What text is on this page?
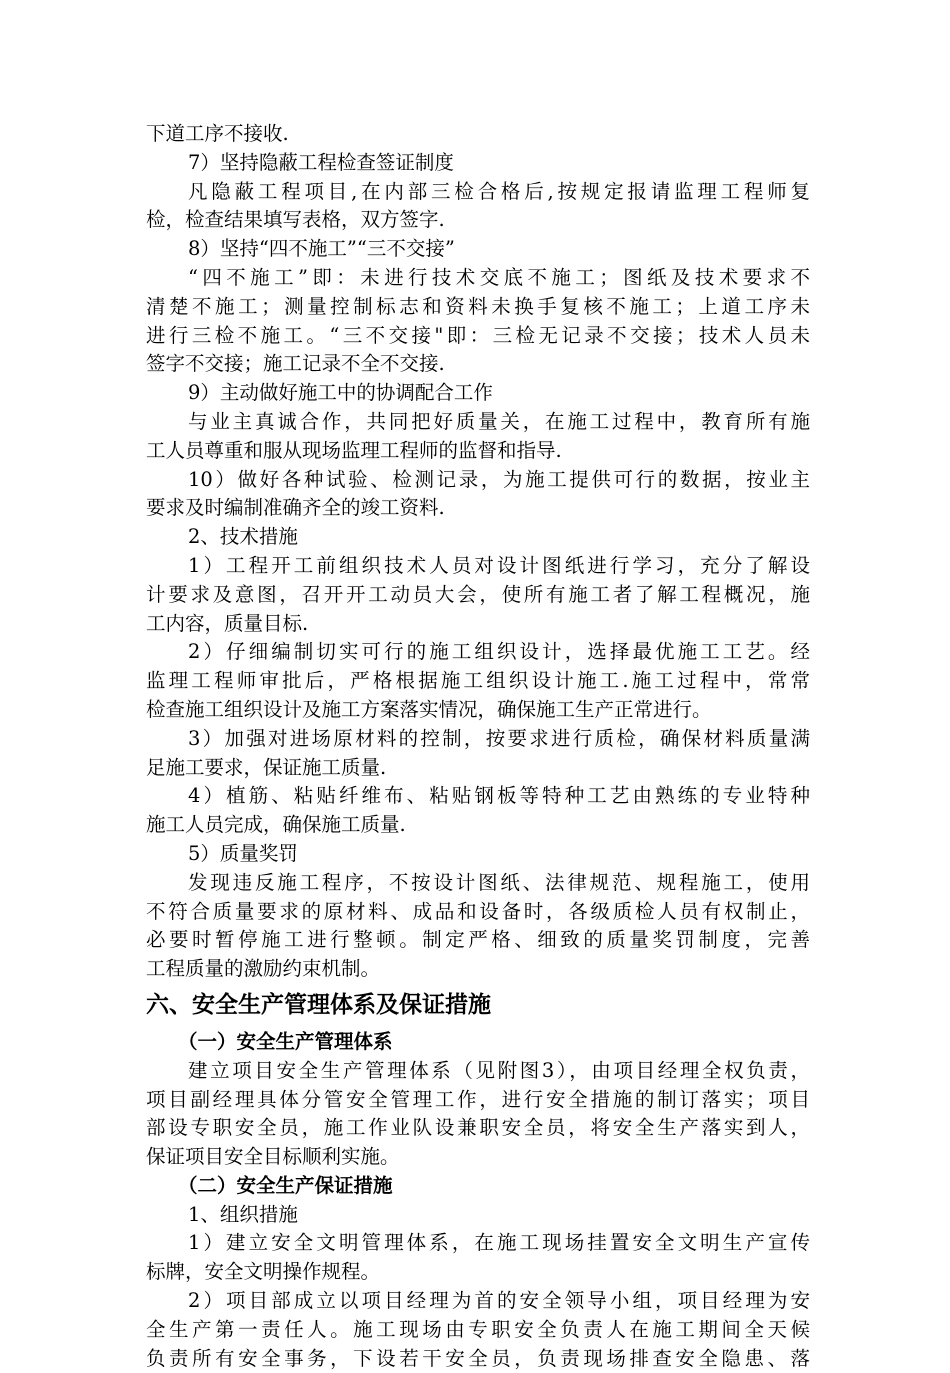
下道工序不接收.
7）坚持隐蔽工程检查签证制度
凡隐蔽工程项目,在内部三检合格后,按规定报请监理工程师复
检，检查结果填写表格，双方签字.
8）坚持“四不施工”“三不交接”
“四不施工”即：未进行技术交底不施工；图纸及技术要求不
清楚不施工；测量控制标志和资料未换手复核不施工；上道工序未
进行三检不施工。“三不交接"即：三检无记录不交接；技术人员未
签字不交接；施工记录不全不交接.
9）主动做好施工中的协调配合工作
与业主真诚合作，共同把好质量关，在施工过程中，教育所有施
工人员尊重和服从现场监理工程师的监督和指导.
10）做好各种试验、检测记录，为施工提供可行的数据，按业主
要求及时编制准确齐全的竣工资料.
2、技术措施
1）工程开工前组织技术人员对设计图纸进行学习，充分了解设
计要求及意图，召开开工动员大会，使所有施工者了解工程概况，施
工内容，质量目标.
2）仔细编制切实可行的施工组织设计，选择最优施工工艺。经
监理工程师审批后，严格根据施工组织设计施工.施工过程中，常常
检查施工组织设计及施工方案落实情况，确保施工生产正常进行。
3）加强对进场原材料的控制，按要求进行质检，确保材料质量满
足施工要求，保证施工质量.
4）植筋、粘贴纤维布、粘贴钢板等特种工艺由熟练的专业特种
施工人员完成，确保施工质量.
5）质量奖罚
发现违反施工程序，不按设计图纸、法律规范、规程施工，使用
不符合质量要求的原材料、成品和设备时，各级质检人员有权制止，
必要时暂停施工进行整顿。制定严格、细致的质量奖罚制度，完善
工程质量的激励约束机制。
六、安全生产管理体系及保证措施
（一）安全生产管理体系
建立项目安全生产管理体系（见附图3），由项目经理全权负责，
项目副经理具体分管安全管理工作，进行安全措施的制订落实；项目
部设专职安全员，施工作业队设兼职安全员，将安全生产落实到人，
保证项目安全目标顺利实施。
（二）安全生产保证措施
1、组织措施
1）建立安全文明管理体系，在施工现场挂置安全文明生产宣传
标牌，安全文明操作规程。
2）项目部成立以项目经理为首的安全领导小组，项目经理为安
全生产第一责任人。施工现场由专职安全负责人在施工期间全天候
负责所有安全事务，下设若干安全员，负责现场排查安全隐患、落
